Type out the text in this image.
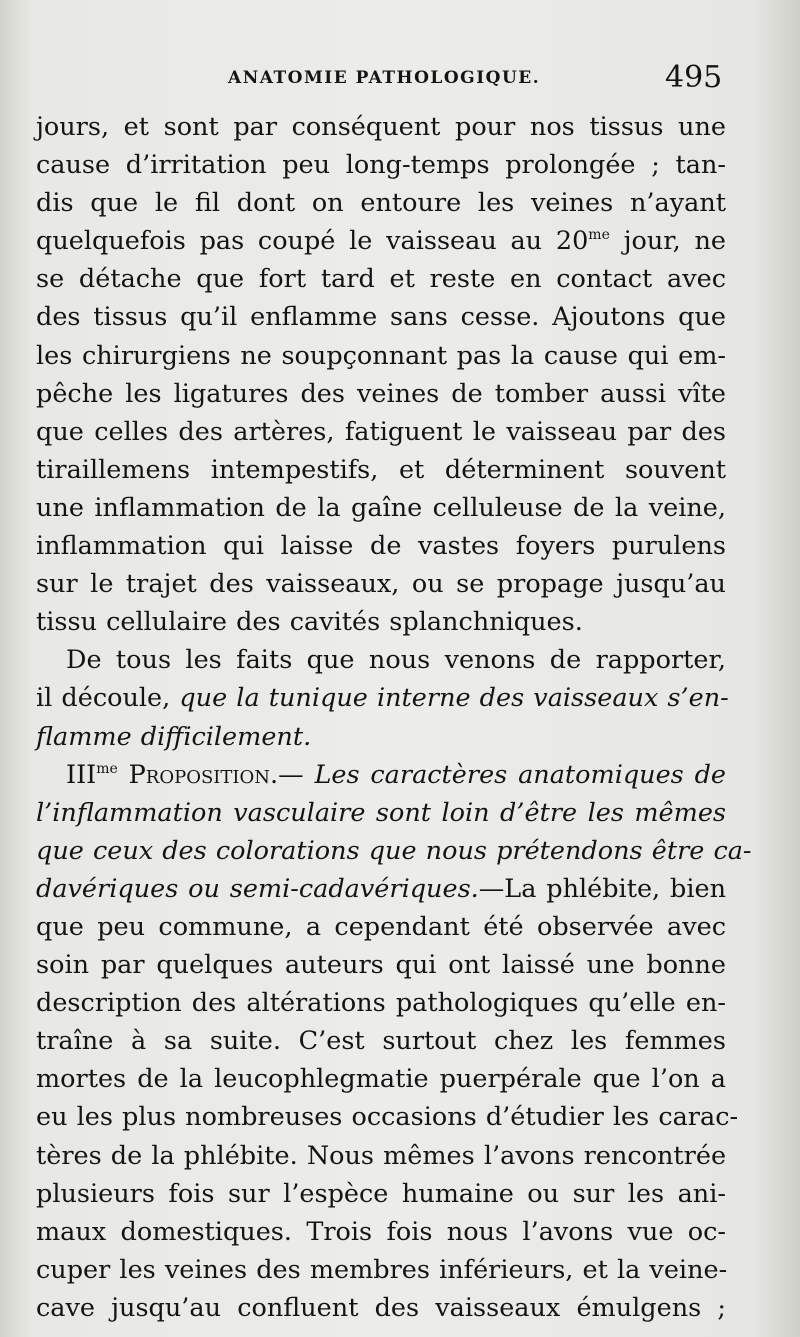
ANATOMIE PATHOLOGIQUE.	495

jours, et sont par conséquent pour nos tissus une
cause d’irritation peu long-temps prolongée ; tan-
dis que le fil dont on entoure les veines n’ayant
quelquefois pas coupé le vaisseau au $20^{me}$ jour, ne
se détache que fort tard et reste en contact avec
des tissus qu’il enflamme sans cesse. Ajoutons que
les chirurgiens ne soupçonnant pas la cause qui em-
pêche les ligatures des veines de tomber aussi vîte
que celles des artères, fatiguent le vaisseau par des
tiraillemens intempestifs, et déterminent souvent
une inflammation de la gaîne celluleuse de la veine,
inflammation qui laisse de vastes foyers purulens
sur le trajet des vaisseaux, ou se propage jusqu’au
tissu cellulaire des cavités splanchniques.

De tous les faits que nous venons de rapporter,
il découle, que la tunique interne des vaisseaux s’en-
flamme difficilement.

$III^{me}$ Proposition.— Les caractères anatomiques de
l’inflammation vasculaire sont loin d’être les mêmes
que ceux des colorations que nous prétendons être ca-
davériques ou semi-cadavériques.—La phlébite, bien
que peu commune, a cependant été observée avec
soin par quelques auteurs qui ont laissé une bonne
description des altérations pathologiques qu’elle en-
traîne à sa suite. C’est surtout chez les femmes
mortes de la leucophlegmatie puerpérale que l’on a
eu les plus nombreuses occasions d’étudier les carac-
tères de la phlébite. Nous mêmes l’avons rencontrée
plusieurs fois sur l’espèce humaine ou sur les ani-
maux domestiques. Trois fois nous l’avons vue oc-
cuper les veines des membres inférieurs, et la veine-
cave jusqu’au confluent des vaisseaux émulgens ;
